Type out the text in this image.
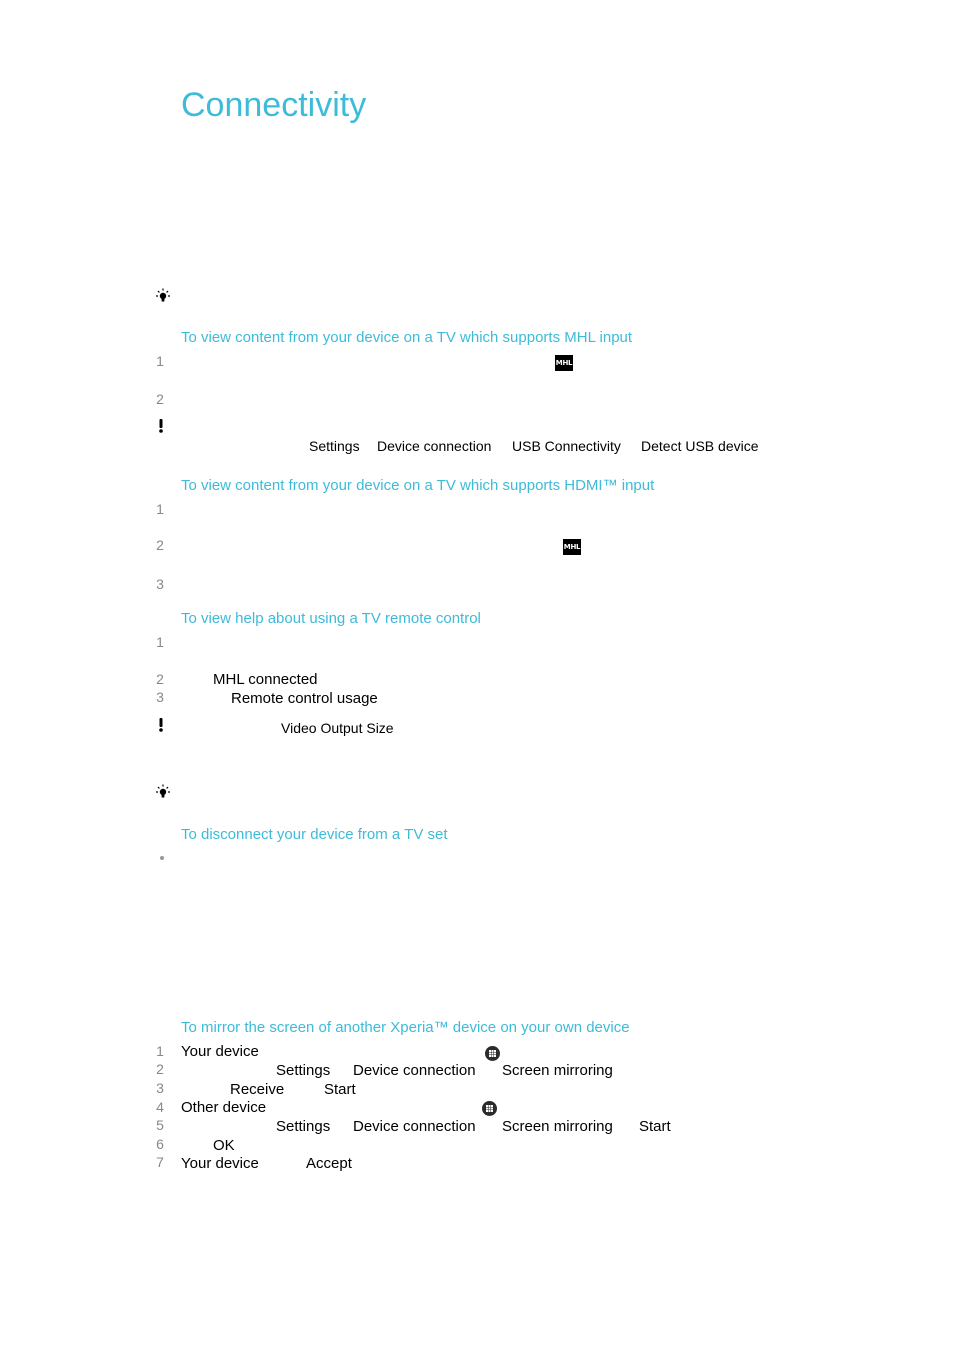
Connectivity
To view content from your device on a TV which supports MHL input
1	MHL
2
Settings Device connection USB Connectivity Detect USB device
To view content from your device on a TV which supports HDMI™ input
1
2	MHL
3
To view help about using a TV remote control
1
2	MHL connected
3	Remote control usage
Video Output Size
To disconnect your device from a TV set
To mirror the screen of another Xperia™ device on your own device
1 Your device
2	Settings Device connection Screen mirroring
3	Receive	Start
4 Other device
5	Settings Device connection Screen mirroring Start
6	OK
7 Your device	Accept
